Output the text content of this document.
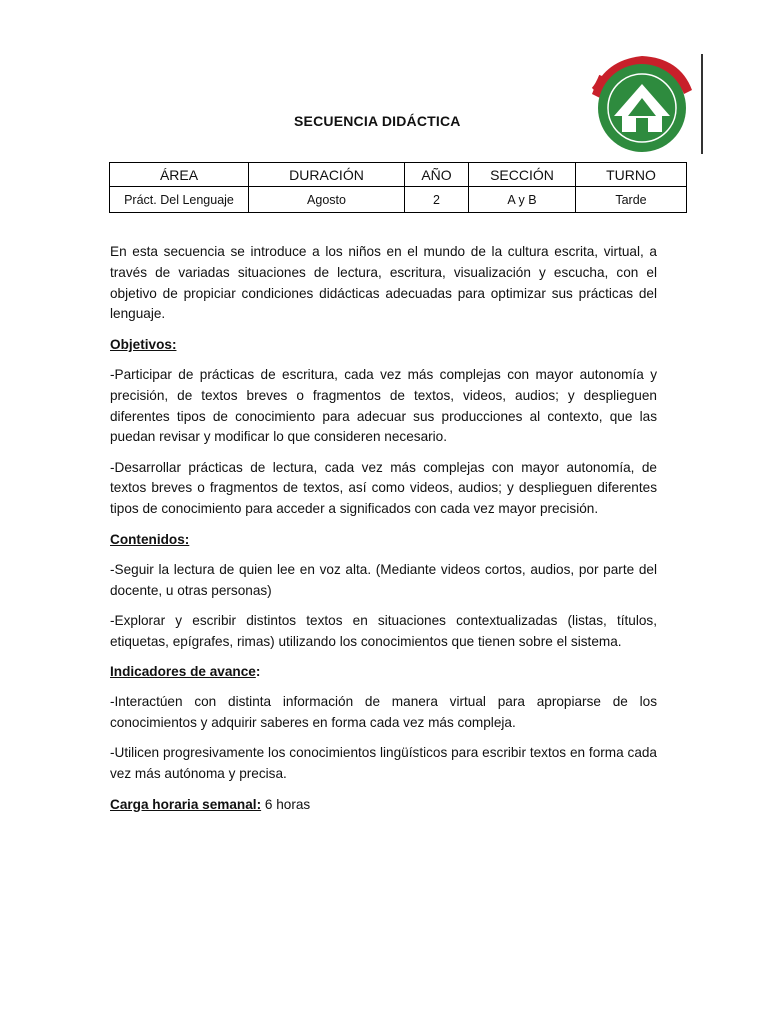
SECUENCIA DIDÁCTICA
ÁREA	DURACIÓN	AÑO	SECCIÓN	TURNO
Práct. Del Lenguaje	Agosto	2	A y B	Tarde

En esta secuencia se introduce a los niños en el mundo de la cultura escrita, virtual, a través de variadas situaciones de lectura, escritura, visualización y escucha, con el objetivo de propiciar condiciones didácticas adecuadas para optimizar sus prácticas del lenguaje.

Objetivos:

-Participar de prácticas de escritura, cada vez más complejas con mayor autonomía y precisión, de textos breves o fragmentos de textos, videos, audios; y desplieguen diferentes tipos de conocimiento para adecuar sus producciones al contexto, que las puedan revisar y modificar lo que consideren necesario.

-Desarrollar prácticas de lectura, cada vez más complejas con mayor autonomía, de textos breves o fragmentos de textos, así como videos, audios; y desplieguen diferentes tipos de conocimiento para acceder a significados con cada vez mayor precisión.

Contenidos:

-Seguir la lectura de quien lee en voz alta. (Mediante videos cortos, audios, por parte del docente, u otras personas)

-Explorar y escribir distintos textos en situaciones contextualizadas (listas, títulos, etiquetas, epígrafes, rimas) utilizando los conocimientos que tienen sobre el sistema.

Indicadores de avance:

-Interactúen con distinta información de manera virtual para apropiarse de los conocimientos y adquirir saberes en forma cada vez más compleja.

-Utilicen progresivamente los conocimientos lingüísticos para escribir textos en forma cada vez más autónoma y precisa.

Carga horaria semanal: 6 horas
